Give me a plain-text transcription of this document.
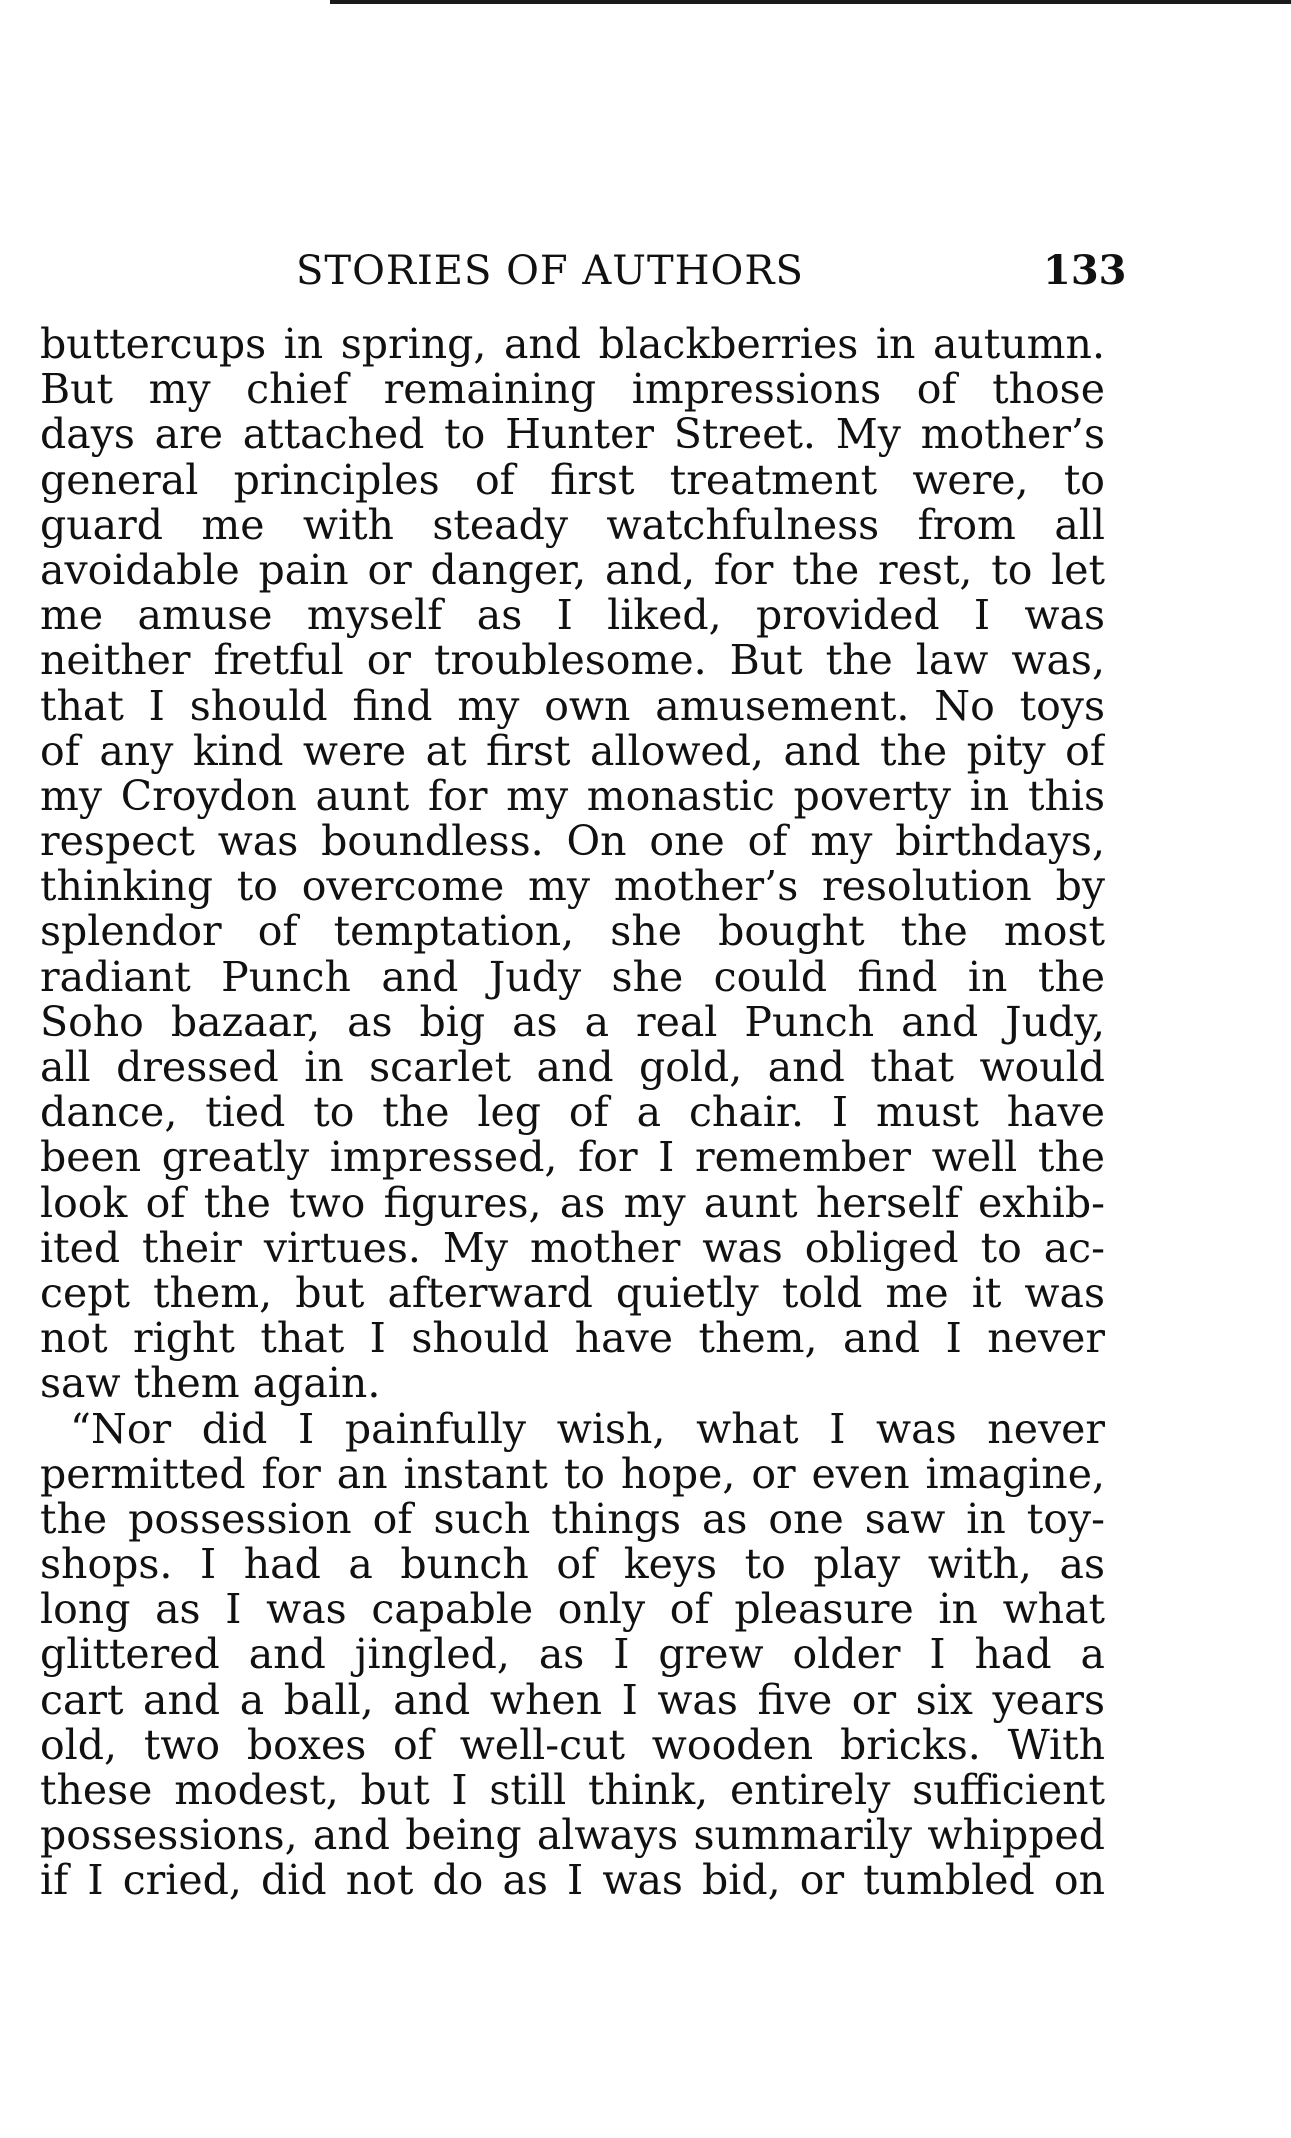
STORIES OF AUTHORS	133
buttercups in spring, and blackberries in autumn.
But my chief remaining impressions of those
days are attached to Hunter Street. My mother’s
general principles of first treatment were, to
guard me with steady watchfulness from all
avoidable pain or danger, and, for the rest, to let
me amuse myself as I liked, provided I was
neither fretful or troublesome. But the law was,
that I should find my own amusement. No toys
of any kind were at first allowed, and the pity of
my Croydon aunt for my monastic poverty in this
respect was boundless. On one of my birthdays,
thinking to overcome my mother’s resolution by
splendor of temptation, she bought the most
radiant Punch and Judy she could find in the
Soho bazaar, as big as a real Punch and Judy,
all dressed in scarlet and gold, and that would
dance, tied to the leg of a chair. I must have
been greatly impressed, for I remember well the
look of the two figures, as my aunt herself exhib-
ited their virtues. My mother was obliged to ac-
cept them, but afterward quietly told me it was
not right that I should have them, and I never
saw them again.
“Nor did I painfully wish, what I was never
permitted for an instant to hope, or even imagine,
the possession of such things as one saw in toy-
shops. I had a bunch of keys to play with, as
long as I was capable only of pleasure in what
glittered and jingled, as I grew older I had a
cart and a ball, and when I was five or six years
old, two boxes of well-cut wooden bricks. With
these modest, but I still think, entirely sufficient
possessions, and being always summarily whipped
if I cried, did not do as I was bid, or tumbled on
